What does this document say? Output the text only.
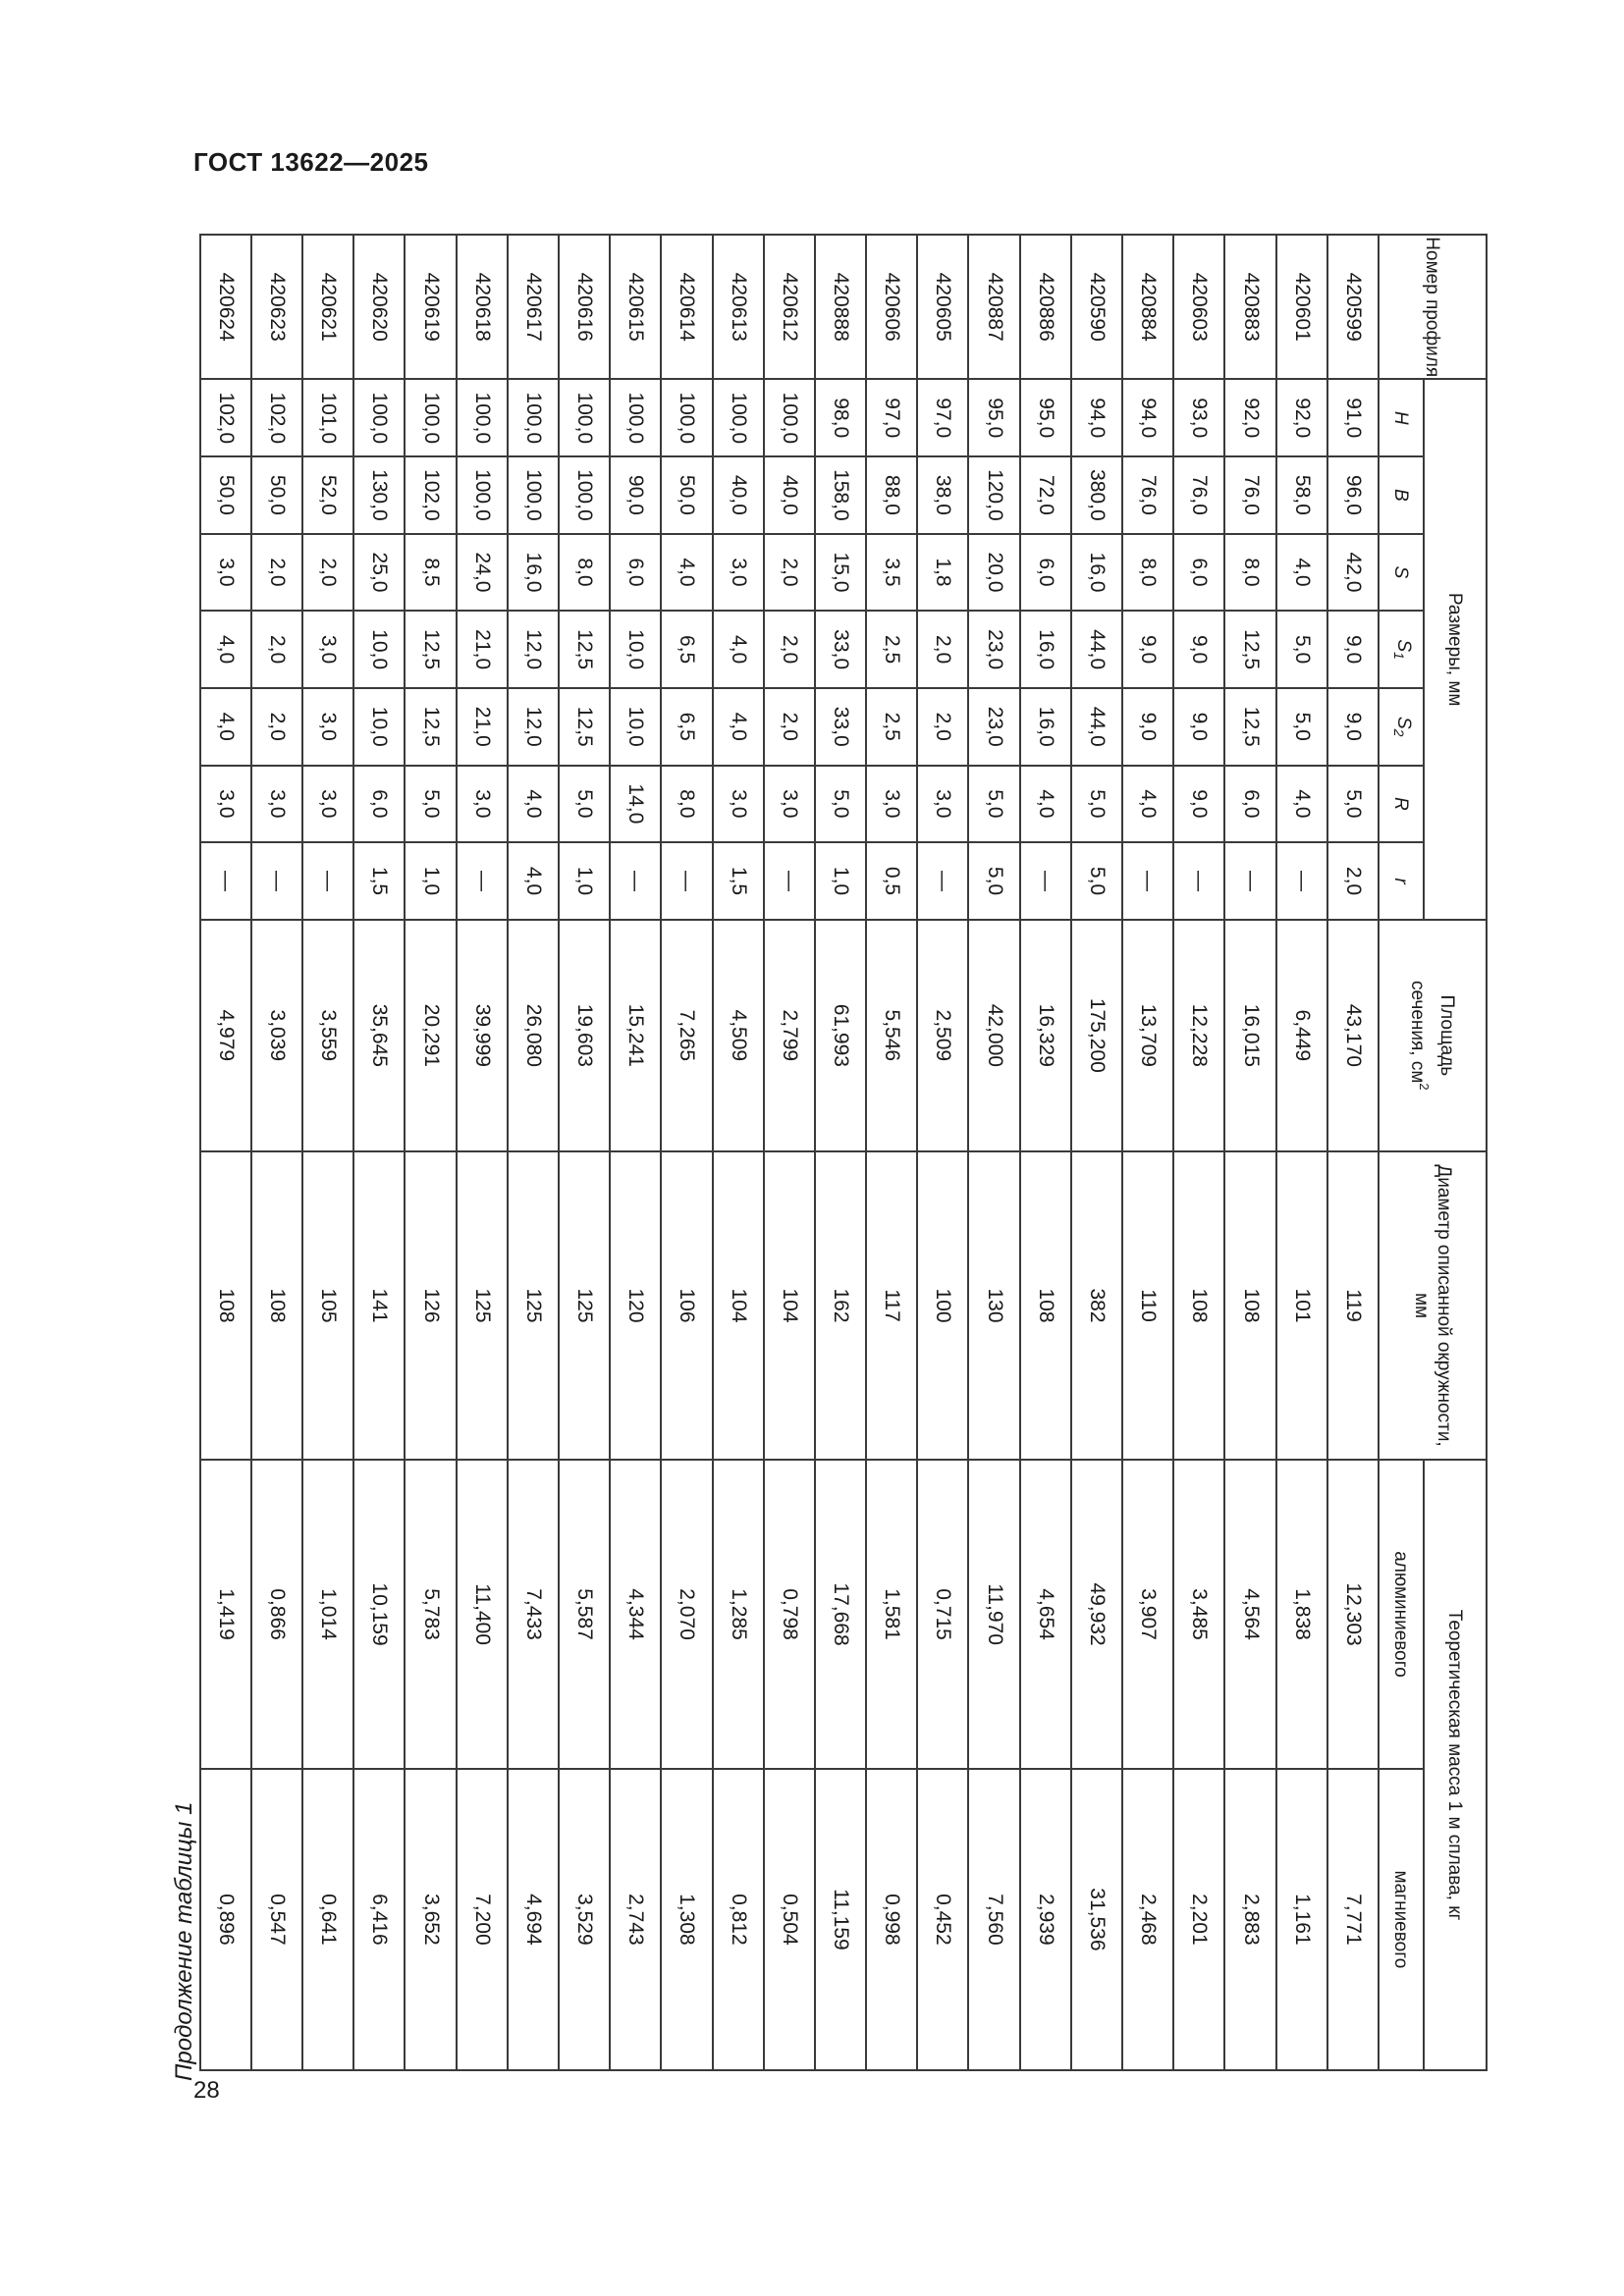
ГОСТ 13622—2025
28
Продолжение таблицы 1
Номер профиля	Размеры, мм							Площадь
сечения, $см^2$	Диаметр описанной окружности, мм	Теоретическая масса 1 м сплава, кг	
	H	B	S	$S_1$	$S_2$	R	r			алюминиевого	магниевого
420599	91,0	96,0	42,0	9,0	9,0	5,0	2,0	43,170	119	12,303	7,771
420601	92,0	58,0	4,0	5,0	5,0	4,0	—	6,449	101	1,838	1,161
420883	92,0	76,0	8,0	12,5	12,5	6,0	—	16,015	108	4,564	2,883
420603	93,0	76,0	6,0	9,0	9,0	9,0	—	12,228	108	3,485	2,201
420884	94,0	76,0	8,0	9,0	9,0	4,0	—	13,709	110	3,907	2,468
420590	94,0	380,0	16,0	44,0	44,0	5,0	5,0	175,200	382	49,932	31,536
420886	95,0	72,0	6,0	16,0	16,0	4,0	—	16,329	108	4,654	2,939
420887	95,0	120,0	20,0	23,0	23,0	5,0	5,0	42,000	130	11,970	7,560
420605	97,0	38,0	1,8	2,0	2,0	3,0	—	2,509	100	0,715	0,452
420606	97,0	88,0	3,5	2,5	2,5	3,0	0,5	5,546	117	1,581	0,998
420888	98,0	158,0	15,0	33,0	33,0	5,0	1,0	61,993	162	17,668	11,159
420612	100,0	40,0	2,0	2,0	2,0	3,0	—	2,799	104	0,798	0,504
420613	100,0	40,0	3,0	4,0	4,0	3,0	1,5	4,509	104	1,285	0,812
420614	100,0	50,0	4,0	6,5	6,5	8,0	—	7,265	106	2,070	1,308
420615	100,0	90,0	6,0	10,0	10,0	14,0	—	15,241	120	4,344	2,743
420616	100,0	100,0	8,0	12,5	12,5	5,0	1,0	19,603	125	5,587	3,529
420617	100,0	100,0	16,0	12,0	12,0	4,0	4,0	26,080	125	7,433	4,694
420618	100,0	100,0	24,0	21,0	21,0	3,0	—	39,999	125	11,400	7,200
420619	100,0	102,0	8,5	12,5	12,5	5,0	1,0	20,291	126	5,783	3,652
420620	100,0	130,0	25,0	10,0	10,0	6,0	1,5	35,645	141	10,159	6,416
420621	101,0	52,0	2,0	3,0	3,0	3,0	—	3,559	105	1,014	0,641
420623	102,0	50,0	2,0	2,0	2,0	3,0	—	3,039	108	0,866	0,547
420624	102,0	50,0	3,0	4,0	4,0	3,0	—	4,979	108	1,419	0,896
